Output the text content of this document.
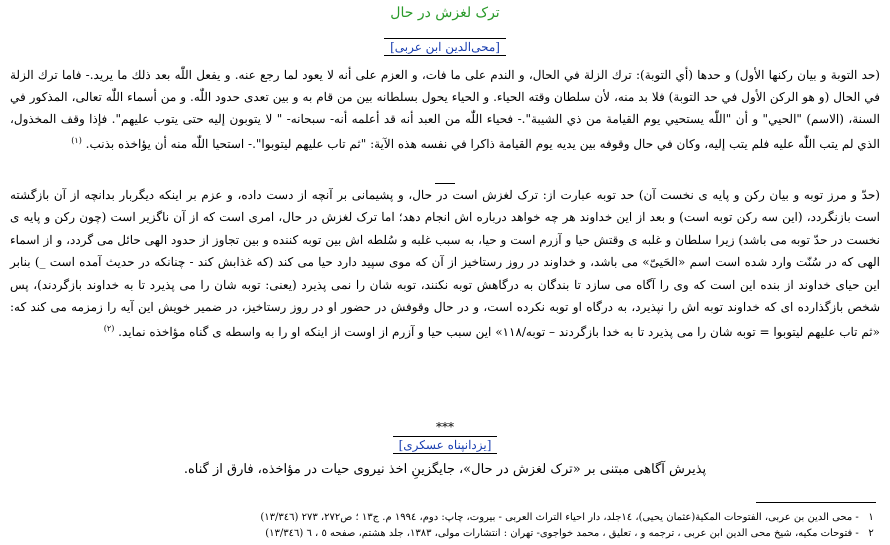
ترک لغزش در حال
[محی‌الدین ابن عربی]
(حد التوبة و بيان ركنها الأول) و حدها (أي التوبة): ترك الزلة في الحال، و الندم على ما فات، و العزم على أنه لا يعود لما رجع عنه. و يفعل اللّٰه بعد ذلك ما يريد.- فاما ترك الزلة في الحال (و هو الركن الأول في حد التوبة) فلا بد منه، لأن سلطان وقته الحياء. و الحياء يحول بسلطانه بين من قام به و بين تعدى حدود اللّٰه. و من أسماء اللّٰه تعالى، المذكور في السنة، (الاسم) "الحيي" و أن "اللّٰه يستحيي يوم القيامة من ذي الشيبة".- فحياء اللّٰه من العبد أنه قد أعلمه أنه- سبحانه- " لا يتوبون إليه حتى يتوب عليهم". فإذا وقف المخذول، الذي لم يتب اللّٰه عليه فلم يتب إليه، وكان في حال وقوفه بين يديه يوم القيامة ذاكرا في نفسه هذه الآية: "ثم تاب عليهم ليتوبوا".- استحيا اللّٰه منه أن يؤاخذه بذنب. $^{(١)}$
(حدّ و مرز توبه و بیان رکن و پایه ی نخست آن) حد توبه عبارت از: ترک لغزش است در حال، و پشیمانی بر آنچه از دست داده، و عزم بر اینکه دیگربار بدانچه از آن بازگشته است بازنگردد، (این سه رکن توبه است) و بعد از این خداوند هر چه خواهد درباره اش انجام دهد؛ اما ترک لغزش در حال، امری است که از آن ناگزیر است (چون رکن و پایه ی نخست در حدّ توبه می باشد) زیرا سلطان و غلبه ی وقتش حیا و آزرم است و حیا، به سبب غلبه و سُلطه اش بین توبه کننده و بین تجاوز از حدود الهی حائل می گردد، و از اسماء الهی که در سُنّت وارد شده است اسم «الحَییّ» می باشد، و خداوند در روز رستاخیز از آن که موی سپید دارد حیا می کند (که غذابش کند - چنانکه در حدیث آمده است _) بنابر این حیای خداوند از بنده این است که وی را آگاه می سازد تا بندگان به درگاهش توبه نکنند، توبه شان را نمی پذیرد (یعنی: توبه شان را می پذیرد تا به خداوند بازگردند)، پس شخص بازگذارده ای که خداوند توبه اش را نپذیرد، به درگاه او توبه نکرده است، و در حال وقوفش در حضور او در روز رستاخیز، در ضمیر خویش این آیه را زمزمه می کند که: «ثم تاب علیهم لیتوبوا = توبه شان را می پذیرد تا به خدا بازگردند – توبه/۱۱۸» این سبب حیا و آزرم از اوست از اینکه او را به واسطه ی گناه مؤاخذه نماید. $^{(٢)}$
***
[یزدانپناه عسکری]
پذیرش آگاهی مبتنی بر «ترک لغزش در حال»، جایگزینِ اخذ نیروی حیات در مؤاخذه، فارق از گناه.
١ - محی الدین بن عربی، الفتوحات المکیة(عثمان یحیی)، ١٤جلد، دار احیاء التراث العربی - بیروت، چاپ: دوم، ١٩٩٤ م. ج١٣ ؛ ص٢٧٢، ٢٧٣ (١٣/٣٤٦)
٢ - فتوحات مکیه، شیخ محی الدین ابن عربی ، ترجمه و ، تعلیق ، محمد خواجوی- تهران : انتشارات مولی، ١٣٨٣، جلد هشتم، صفحه ٥ ، ٦ (١٣/٣٤٦)
